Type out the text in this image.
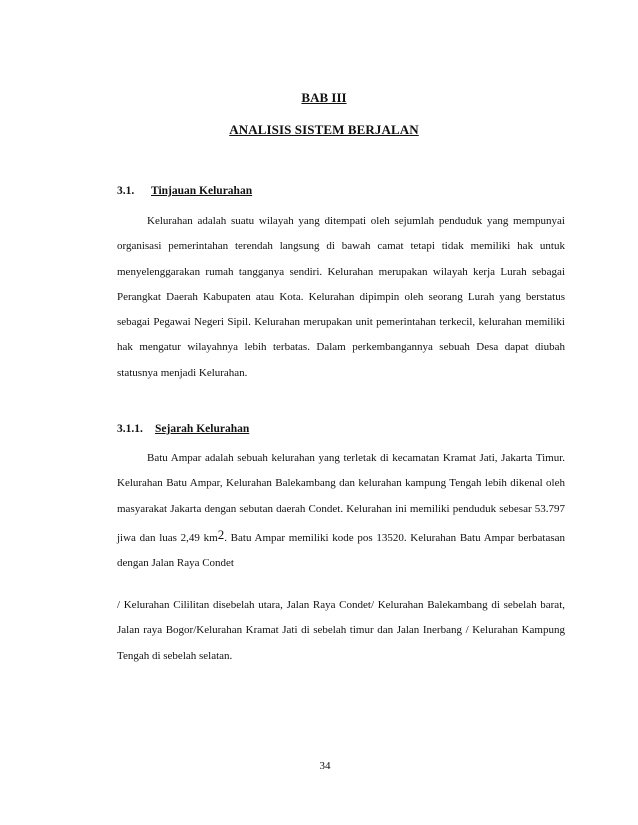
BAB III
ANALISIS SISTEM BERJALAN
3.1. Tinjauan Kelurahan

Kelurahan adalah suatu wilayah yang ditempati oleh sejumlah penduduk yang mempunyai organisasi pemerintahan terendah langsung di bawah camat tetapi tidak memiliki hak untuk menyelenggarakan rumah tangganya sendiri. Kelurahan merupakan wilayah kerja Lurah sebagai Perangkat Daerah Kabupaten atau Kota. Kelurahan dipimpin oleh seorang Lurah yang berstatus sebagai Pegawai Negeri Sipil. Kelurahan merupakan unit pemerintahan terkecil, kelurahan memiliki hak mengatur wilayahnya lebih terbatas. Dalam perkembangannya sebuah Desa dapat diubah statusnya menjadi Kelurahan.

3.1.1. Sejarah Kelurahan

Batu Ampar adalah sebuah kelurahan yang terletak di kecamatan Kramat Jati, Jakarta Timur. Kelurahan Batu Ampar, Kelurahan Balekambang dan kelurahan kampung Tengah lebih dikenal oleh masyarakat Jakarta dengan sebutan daerah Condet. Kelurahan ini memiliki penduduk sebesar 53.797 jiwa dan luas 2,49 km2. Batu Ampar memiliki kode pos 13520. Kelurahan Batu Ampar berbatasan dengan Jalan Raya Condet

/ Kelurahan Cililitan disebelah utara, Jalan Raya Condet/ Kelurahan Balekambang di sebelah barat, Jalan raya Bogor/Kelurahan Kramat Jati di sebelah timur dan Jalan Inerbang / Kelurahan Kampung Tengah di sebelah selatan.

34
